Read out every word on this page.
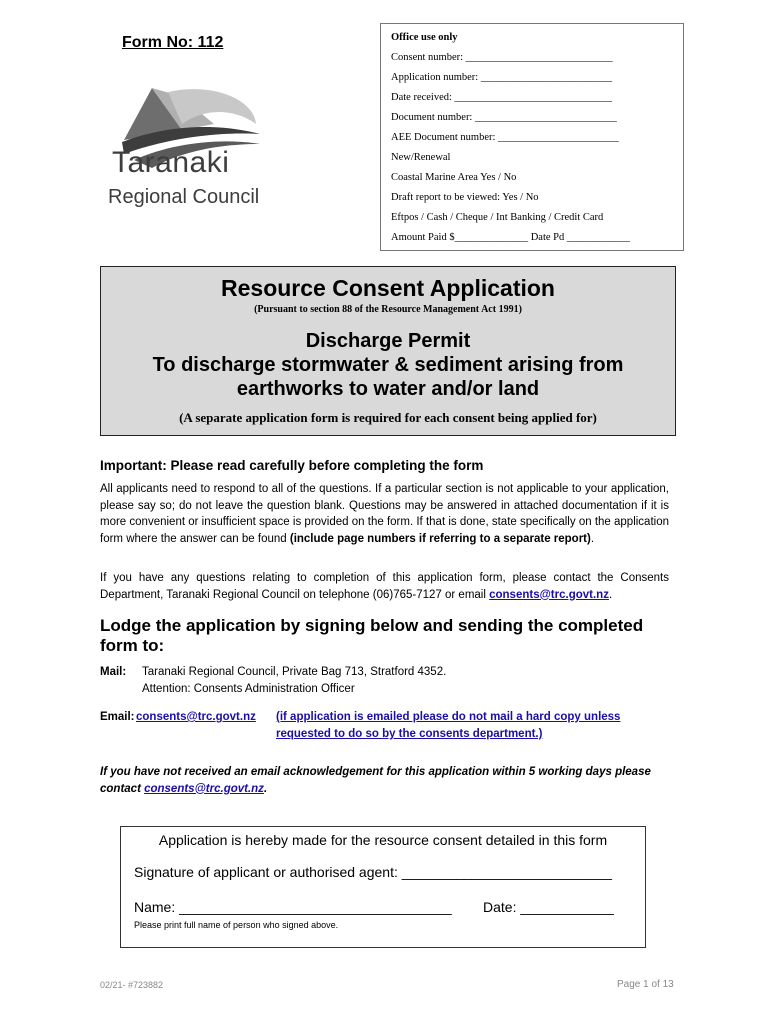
Form No: 112
Taranaki
Regional Council
Office use only
Consent number: ____________________________
Application number: _________________________
Date received: ______________________________
Document number: ___________________________
AEE Document number: _______________________
New/Renewal
Coastal Marine Area Yes / No
Draft report to be viewed: Yes / No
Eftpos / Cash / Cheque / Int Banking / Credit Card
Amount Paid $______________ Date Pd ____________
Resource Consent Application
(Pursuant to section 88 of the Resource Management Act 1991)
Discharge Permit
To discharge stormwater & sediment arising from
earthworks to water and/or land
(A separate application form is required for each consent being applied for)
Important: Please read carefully before completing the form
All applicants need to respond to all of the questions. If a particular section is not applicable to your application, please say so; do not leave the question blank. Questions may be answered in attached documentation if it is more convenient or insufficient space is provided on the form. If that is done, state specifically on the application form where the answer can be found (include page numbers if referring to a separate report).
If you have any questions relating to completion of this application form, please contact the Consents Department, Taranaki Regional Council on telephone (06)765-7127 or email consents@trc.govt.nz.
Lodge the application by signing below and sending the completed form to:
Mail: Taranaki Regional Council, Private Bag 713, Stratford 4352.
Attention: Consents Administration Officer
Email: consents@trc.govt.nz (if application is emailed please do not mail a hard copy unless
requested to do so by the consents department.)
If you have not received an email acknowledgement for this application within 5 working days please contact consents@trc.govt.nz.
Application is hereby made for the resource consent detailed in this form
Signature of applicant or authorised agent: ___________________________
Name: ___________________________________ Date: ____________
Please print full name of person who signed above.
02/21- #723882	Page 1 of 13
